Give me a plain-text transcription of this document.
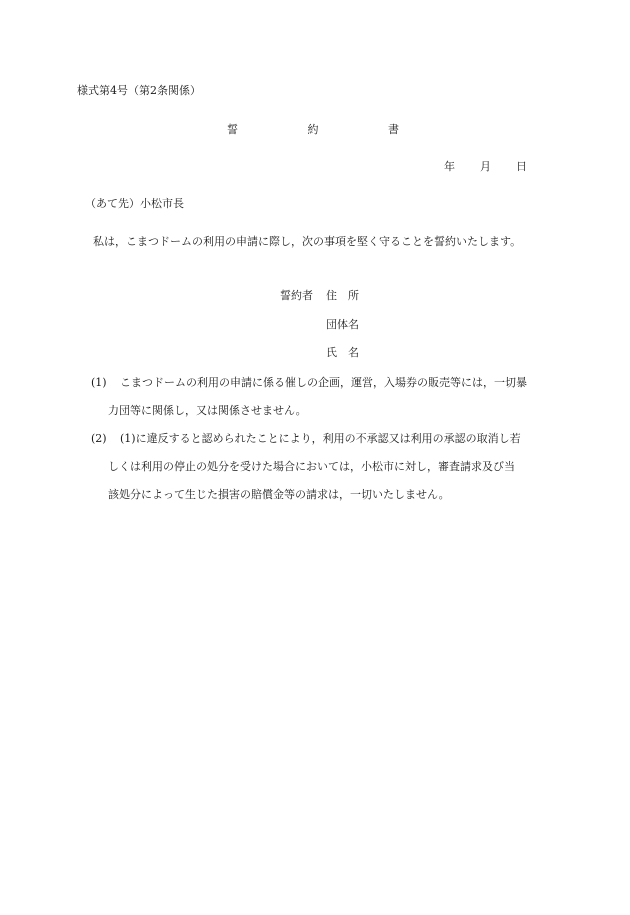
様式第4号（第2条関係）
誓	約	書
年 月 日
（あて先）小松市長
私は，こまつドームの利用の申請に際し，次の事項を堅く守ることを誓約いたします。
誓約者 住　所
団体名
氏　名
(1) こまつドームの利用の申請に係る催しの企画，運営，入場券の販売等には，一切暴
力団等に関係し，又は関係させません。
(2) (1)に違反すると認められたことにより，利用の不承認又は利用の承認の取消し若
しくは利用の停止の処分を受けた場合においては，小松市に対し，審査請求及び当
該処分によって生じた損害の賠償金等の請求は，一切いたしません。
